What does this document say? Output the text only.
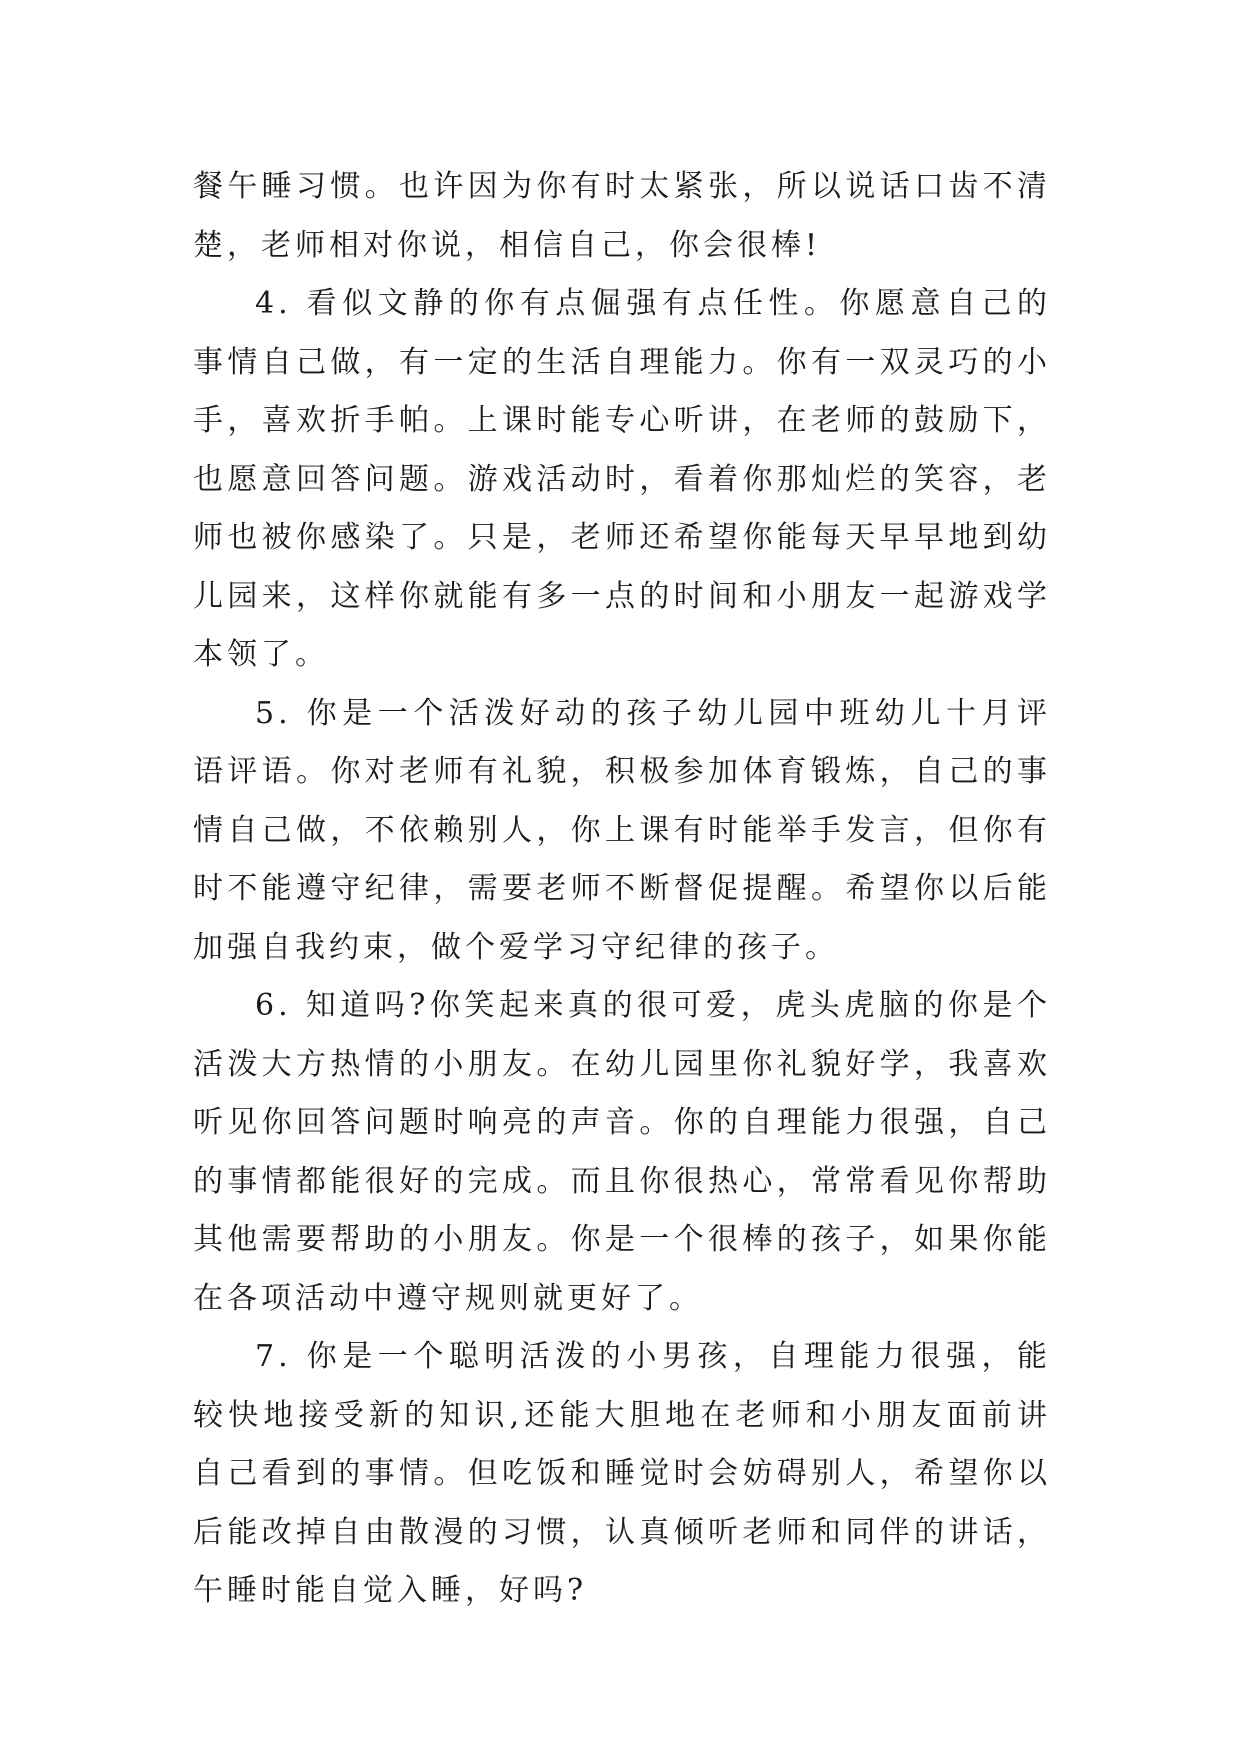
餐午睡习惯。也许因为你有时太紧张，所以说话口齿不清楚，老师相对你说，相信自己，你会很棒!

4. 看似文静的你有点倔强有点任性。你愿意自己的事情自己做，有一定的生活自理能力。你有一双灵巧的小手，喜欢折手帕。上课时能专心听讲，在老师的鼓励下，也愿意回答问题。游戏活动时，看着你那灿烂的笑容，老师也被你感染了。只是，老师还希望你能每天早早地到幼儿园来，这样你就能有多一点的时间和小朋友一起游戏学本领了。

5. 你是一个活泼好动的孩子幼儿园中班幼儿十月评语评语。你对老师有礼貌，积极参加体育锻炼，自己的事情自己做，不依赖别人，你上课有时能举手发言，但你有时不能遵守纪律，需要老师不断督促提醒。希望你以后能加强自我约束，做个爱学习守纪律的孩子。

6. 知道吗?你笑起来真的很可爱，虎头虎脑的你是个活泼大方热情的小朋友。在幼儿园里你礼貌好学，我喜欢听见你回答问题时响亮的声音。你的自理能力很强，自己的事情都能很好的完成。而且你很热心，常常看见你帮助其他需要帮助的小朋友。你是一个很棒的孩子，如果你能在各项活动中遵守规则就更好了。

7. 你是一个聪明活泼的小男孩，自理能力很强，能较快地接受新的知识,还能大胆地在老师和小朋友面前讲自己看到的事情。但吃饭和睡觉时会妨碍别人，希望你以后能改掉自由散漫的习惯，认真倾听老师和同伴的讲话，午睡时能自觉入睡，好吗?
